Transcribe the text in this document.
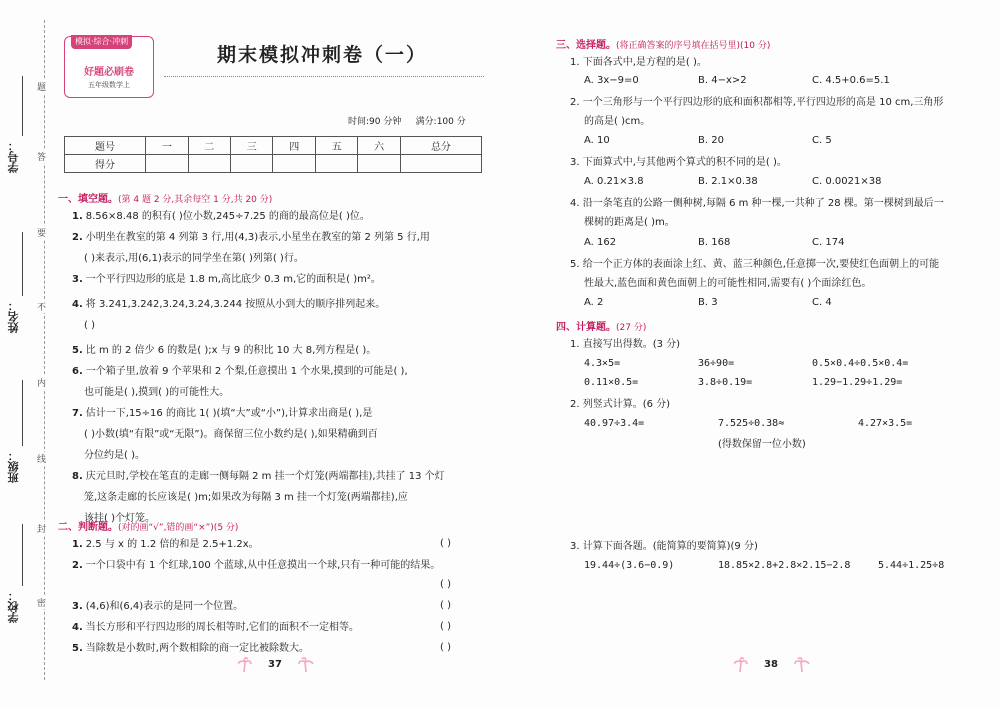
学号：
姓名：
班级：
学校：
题
答
要
不
内
线
封
密
模拟·综合·冲刺
好题必刷卷
五年级数学上
期末模拟冲刺卷（一）
时间:90 分钟 满分:100 分
题号	一	二	三	四	五	六	总分
得分							
一、填空题。(第 4 题 2 分,其余每空 1 分,共 20 分)
1. 8.56×8.48 的积有( )位小数,245÷7.25 的商的最高位是( )位。
2. 小明坐在教室的第 4 列第 3 行,用(4,3)表示,小星坐在教室的第 2 列第 5 行,用
( )来表示,用(6,1)表示的同学坐在第( )列第( )行。
3. 一个平行四边形的底是 1.8 m,高比底少 0.3 m,它的面积是( )m²。
4. 将 3.241,3.242,3.24,3.24̇,3.244 按照从小到大的顺序排列起来。
( )
5. 比 m 的 2 倍少 6 的数是( );x 与 9 的积比 10 大 8,列方程是( )。
6. 一个箱子里,放着 9 个苹果和 2 个梨,任意摸出 1 个水果,摸到的可能是( ),
也可能是( ),摸到( )的可能性大。
7. 估计一下,15÷16 的商比 1( )(填“大”或“小”),计算求出商是( ),是
( )小数(填“有限”或“无限”)。商保留三位小数约是( ),如果精确到百
分位约是( )。
8. 庆元旦时,学校在笔直的走廊一侧每隔 2 m 挂一个灯笼(两端都挂),共挂了 13 个灯
笼,这条走廊的长应该是( )m;如果改为每隔 3 m 挂一个灯笼(两端都挂),应
该挂( )个灯笼。
二、判断题。(对的画“√”,错的画“×”)(5 分)
1. 2.5 与 x 的 1.2 倍的和是 2.5+1.2x。	( )
2. 一个口袋中有 1 个红球,100 个蓝球,从中任意摸出一个球,只有一种可能的结果。
( )
3. (4,6)和(6,4)表示的是同一个位置。	( )
4. 当长方形和平行四边形的周长相等时,它们的面积不一定相等。	( )
5. 当除数是小数时,两个数相除的商一定比被除数大。	( )
37
三、选择题。(将正确答案的序号填在括号里)(10 分)
1. 下面各式中,是方程的是( )。
A. 3x−9=0	B. 4−x>2	C. 4.5+0.6=5.1
2. 一个三角形与一个平行四边形的底和面积都相等,平行四边形的高是 10 cm,三角形
的高是( )cm。
A. 10	B. 20	C. 5
3. 下面算式中,与其他两个算式的积不同的是( )。
A. 0.21×3.8	B. 2.1×0.38	C. 0.0021×38
4. 沿一条笔直的公路一侧种树,每隔 6 m 种一棵,一共种了 28 棵。第一棵树到最后一
棵树的距离是( )m。
A. 162	B. 168	C. 174
5. 给一个正方体的表面涂上红、黄、蓝三种颜色,任意掷一次,要使红色面朝上的可能
性最大,蓝色面和黄色面朝上的可能性相同,需要有( )个面涂红色。
A. 2	B. 3	C. 4
四、计算题。(27 分)
1. 直接写出得数。(3 分)
4.3×5=	36÷90=	0.5×0.4÷0.5×0.4=
0.11×0.5=	3.8÷0.19=	1.29−1.29÷1.29=
2. 列竖式计算。(6 分)
40.97÷3.4=	7.525÷0.38≈	4.27×3.5=
(得数保留一位小数)
3. 计算下面各题。(能简算的要简算)(9 分)
19.44÷(3.6−0.9)	18.85×2.8+2.8×2.15−2.8	5.44÷1.25÷8
38
